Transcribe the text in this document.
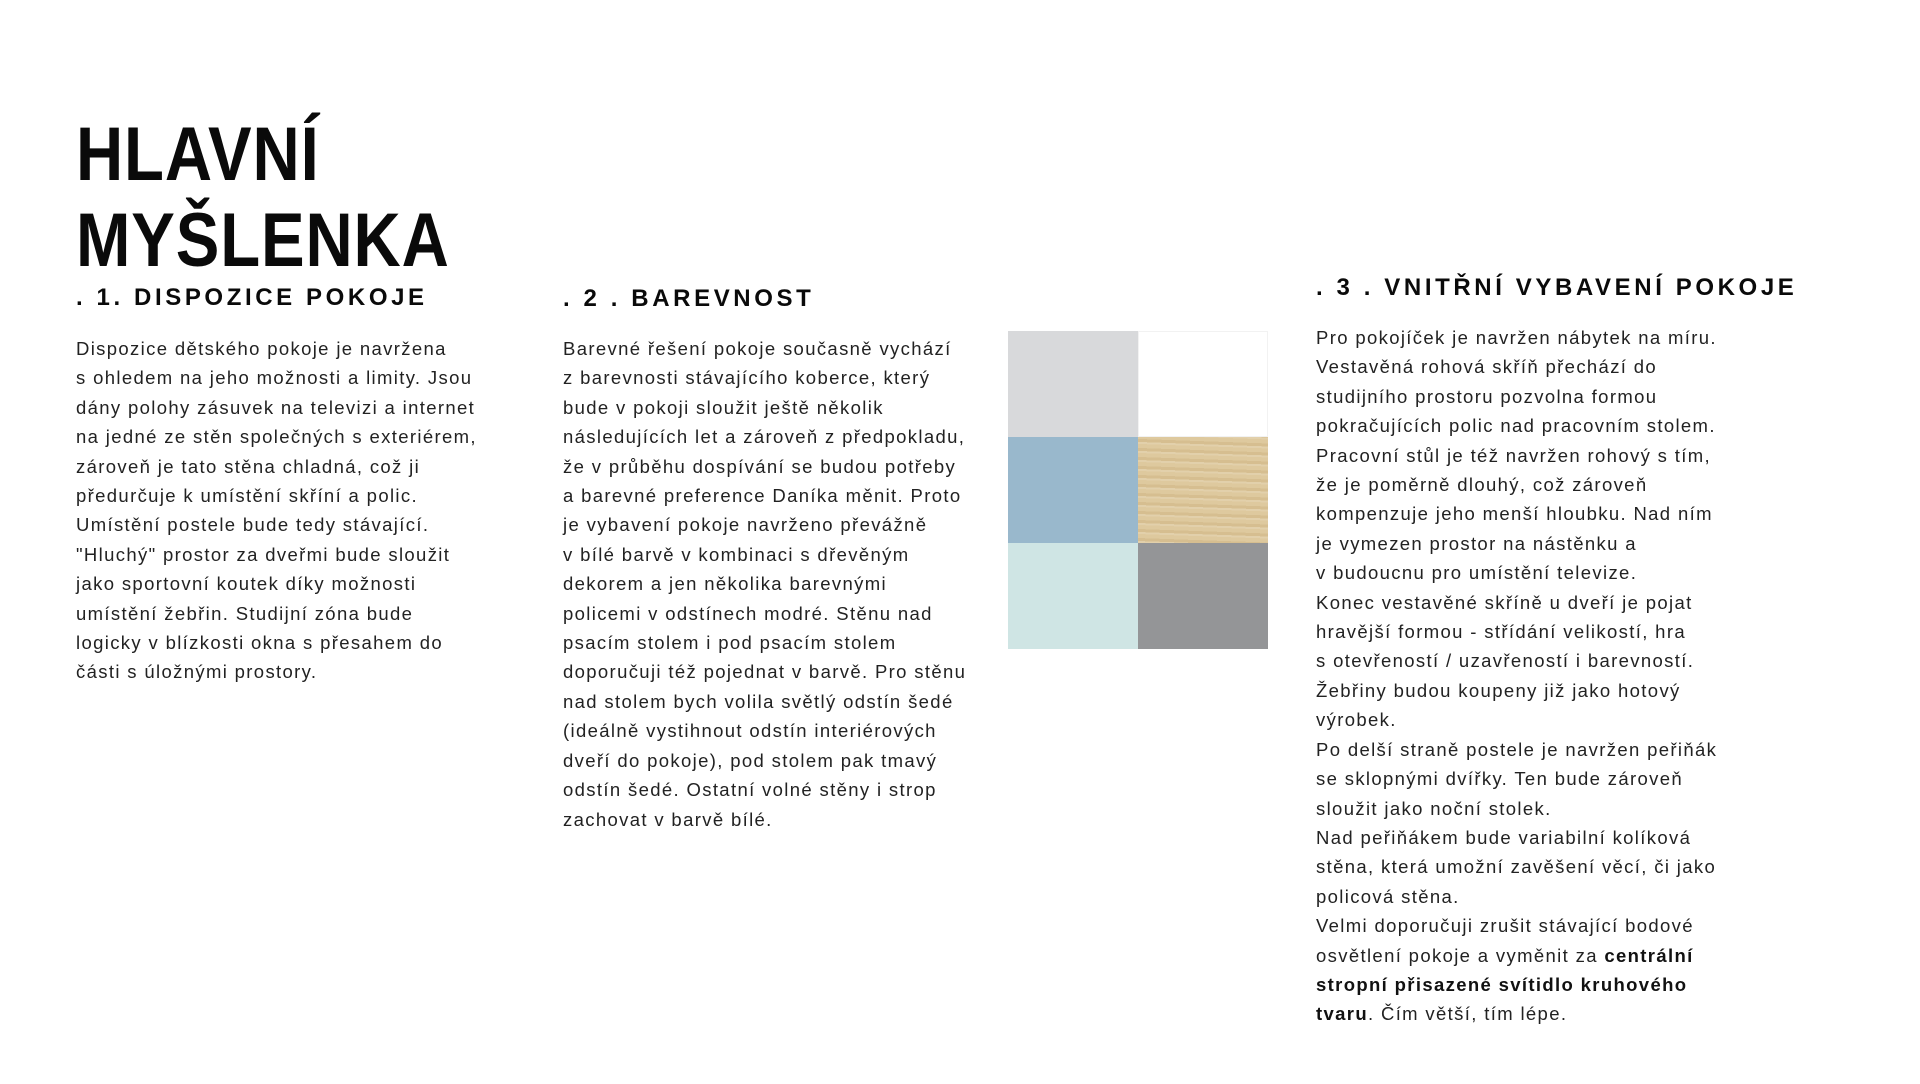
HLAVNÍ
MYŠLENKA
. 1. DISPOZICE POKOJE
Dispozice dětského pokoje je navržena
s ohledem na jeho možnosti a limity. Jsou
dány polohy zásuvek na televizi a internet
na jedné ze stěn společných s exteriérem,
zároveň je tato stěna chladná, což ji
předurčuje k umístění skříní a polic.
Umístění postele bude tedy stávající.
"Hluchý" prostor za dveřmi bude sloužit
jako sportovní koutek díky možnosti
umístění žebřin. Studijní zóna bude
logicky v blízkosti okna s přesahem do
části s úložnými prostory.
. 2 . BAREVNOST
Barevné řešení pokoje současně vychází
z barevnosti stávajícího koberce, který
bude v pokoji sloužit ještě několik
následujících let a zároveň z předpokladu,
že v průběhu dospívání se budou potřeby
a barevné preference Daníka měnit. Proto
je vybavení pokoje navrženo převážně
v bílé barvě v kombinaci s dřevěným
dekorem a jen několika barevnými
policemi v odstínech modré. Stěnu nad
psacím stolem i pod psacím stolem
doporučuji též pojednat v barvě. Pro stěnu
nad stolem bych volila světlý odstín šedé
(ideálně vystihnout odstín interiérových
dveří do pokoje), pod stolem pak tmavý
odstín šedé. Ostatní volné stěny i strop
zachovat v barvě bílé.
. 3 . VNITŘNÍ VYBAVENÍ POKOJE
Pro pokojíček je navržen nábytek na míru.
Vestavěná rohová skříň přechází do
studijního prostoru pozvolna formou
pokračujících polic nad pracovním stolem.
Pracovní stůl je též navržen rohový s tím,
že je poměrně dlouhý, což zároveň
kompenzuje jeho menší hloubku. Nad ním
je vymezen prostor na nástěnku a
v budoucnu pro umístění televize.
Konec vestavěné skříně u dveří je pojat
hravější formou - střídání velikostí, hra
s otevřeností / uzavřeností i barevností.
Žebřiny budou koupeny již jako hotový
výrobek.
Po delší straně postele je navržen peřiňák
se sklopnými dvířky. Ten bude zároveň
sloužit jako noční stolek.
Nad peřiňákem bude variabilní kolíková
stěna, která umožní zavěšení věcí, či jako
policová stěna.
Velmi doporučuji zrušit stávající bodové
osvětlení pokoje a vyměnit za centrální
stropní přisazené svítidlo kruhového
tvaru. Čím větší, tím lépe.
